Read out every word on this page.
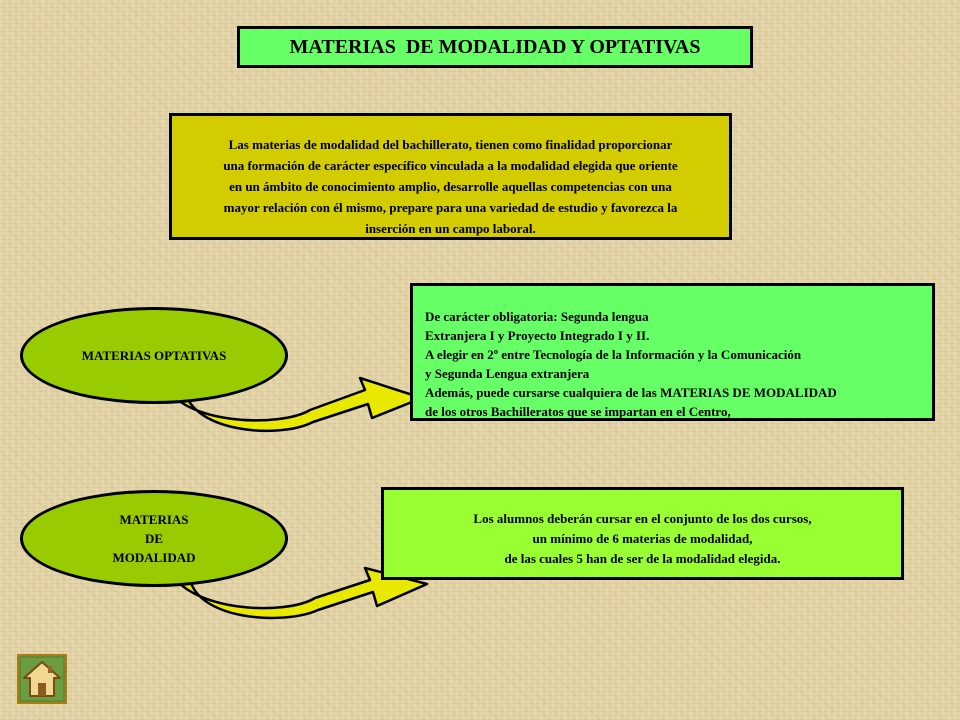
MATERIAS  DE MODALIDAD Y OPTATIVAS
Las materias de modalidad del bachillerato, tienen como finalidad proporcionar
una formación de carácter específico vinculada a la modalidad elegida que oriente
en un ámbito de conocimiento amplio, desarrolle aquellas competencias con una
mayor relación con él mismo, prepare para una variedad de estudio y favorezca la
inserción en un campo laboral.
MATERIAS OPTATIVAS
De carácter obligatoria: Segunda lengua
Extranjera I y Proyecto Integrado I y II.
A elegir en 2º entre Tecnología de la Información y la Comunicación
y Segunda Lengua extranjera
Además, puede cursarse cualquiera de las MATERIAS DE MODALIDAD
de los otros Bachilleratos que se impartan en el Centro,
MATERIAS
DE
MODALIDAD
Los alumnos deberán cursar en el conjunto de los dos cursos,
un mínimo de 6 materias de modalidad,
de las cuales 5 han de ser de la modalidad elegida.
